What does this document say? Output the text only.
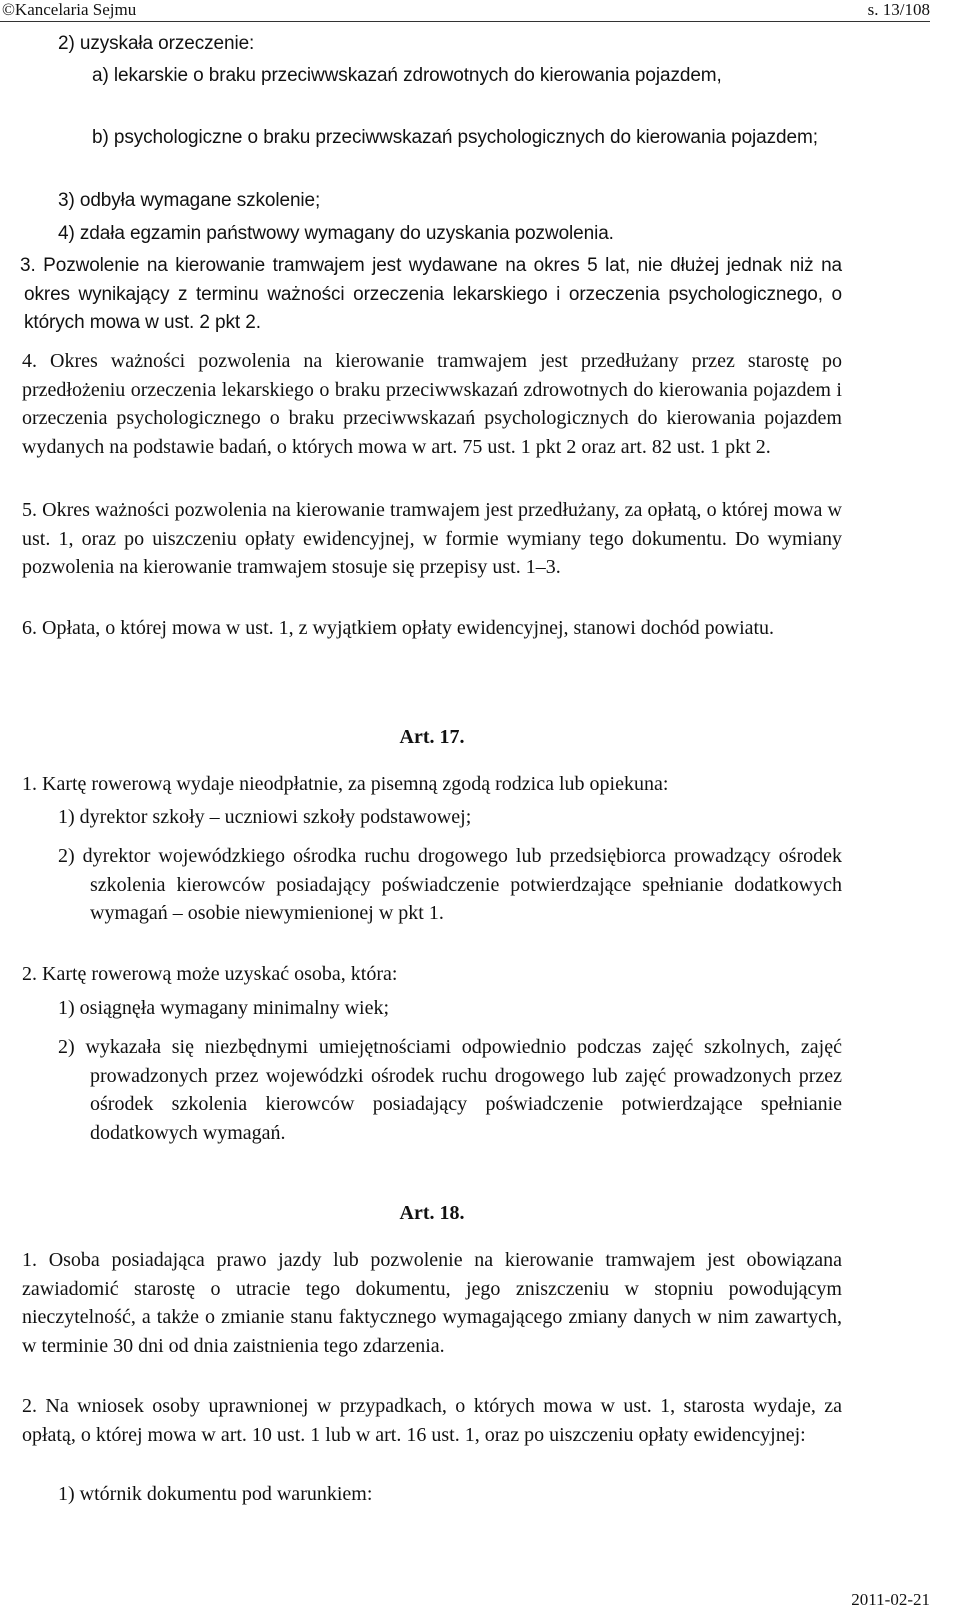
©Kancelaria Sejmu	s. 13/108

2) uzyskała orzeczenie:

a) lekarskie o braku przeciwwskazań zdrowotnych do kierowania pojazdem,

b) psychologiczne o braku przeciwwskazań psychologicznych do kierowania pojazdem;

3) odbyła wymagane szkolenie;

4) zdała egzamin państwowy wymagany do uzyskania pozwolenia.

3. Pozwolenie na kierowanie tramwajem jest wydawane na okres 5 lat, nie dłużej jednak niż na okres wynikający z terminu ważności orzeczenia lekarskiego i orzeczenia psychologicznego, o których mowa w ust. 2 pkt 2.

4. Okres ważności pozwolenia na kierowanie tramwajem jest przedłużany przez starostę po przedłożeniu orzeczenia lekarskiego o braku przeciwwskazań zdrowotnych do kierowania pojazdem i orzeczenia psychologicznego o braku przeciwwskazań psychologicznych do kierowania pojazdem wydanych na podstawie badań, o których mowa w art. 75 ust. 1 pkt 2 oraz art. 82 ust. 1 pkt 2.

5. Okres ważności pozwolenia na kierowanie tramwajem jest przedłużany, za opłatą, o której mowa w ust. 1, oraz po uiszczeniu opłaty ewidencyjnej, w formie wymiany tego dokumentu. Do wymiany pozwolenia na kierowanie tramwajem stosuje się przepisy ust. 1–3.

6. Opłata, o której mowa w ust. 1, z wyjątkiem opłaty ewidencyjnej, stanowi dochód powiatu.

Art. 17.

1. Kartę rowerową wydaje nieodpłatnie, za pisemną zgodą rodzica lub opiekuna:

1) dyrektor szkoły – uczniowi szkoły podstawowej;

2) dyrektor wojewódzkiego ośrodka ruchu drogowego lub przedsiębiorca prowadzący ośrodek szkolenia kierowców posiadający poświadczenie potwierdzające spełnianie dodatkowych wymagań – osobie niewymienionej w pkt 1.

2. Kartę rowerową może uzyskać osoba, która:

1) osiągnęła wymagany minimalny wiek;

2) wykazała się niezbędnymi umiejętnościami odpowiednio podczas zajęć szkolnych, zajęć prowadzonych przez wojewódzki ośrodek ruchu drogowego lub zajęć prowadzonych przez ośrodek szkolenia kierowców posiadający poświadczenie potwierdzające spełnianie dodatkowych wymagań.

Art. 18.

1. Osoba posiadająca prawo jazdy lub pozwolenie na kierowanie tramwajem jest obowiązana zawiadomić starostę o utracie tego dokumentu, jego zniszczeniu w stopniu powodującym nieczytelność, a także o zmianie stanu faktycznego wymagającego zmiany danych w nim zawartych, w terminie 30 dni od dnia zaistnienia tego zdarzenia.

2. Na wniosek osoby uprawnionej w przypadkach, o których mowa w ust. 1, starosta wydaje, za opłatą, o której mowa w art. 10 ust. 1 lub w art. 16 ust. 1, oraz po uiszczeniu opłaty ewidencyjnej:

1) wtórnik dokumentu pod warunkiem:

2011-02-21
